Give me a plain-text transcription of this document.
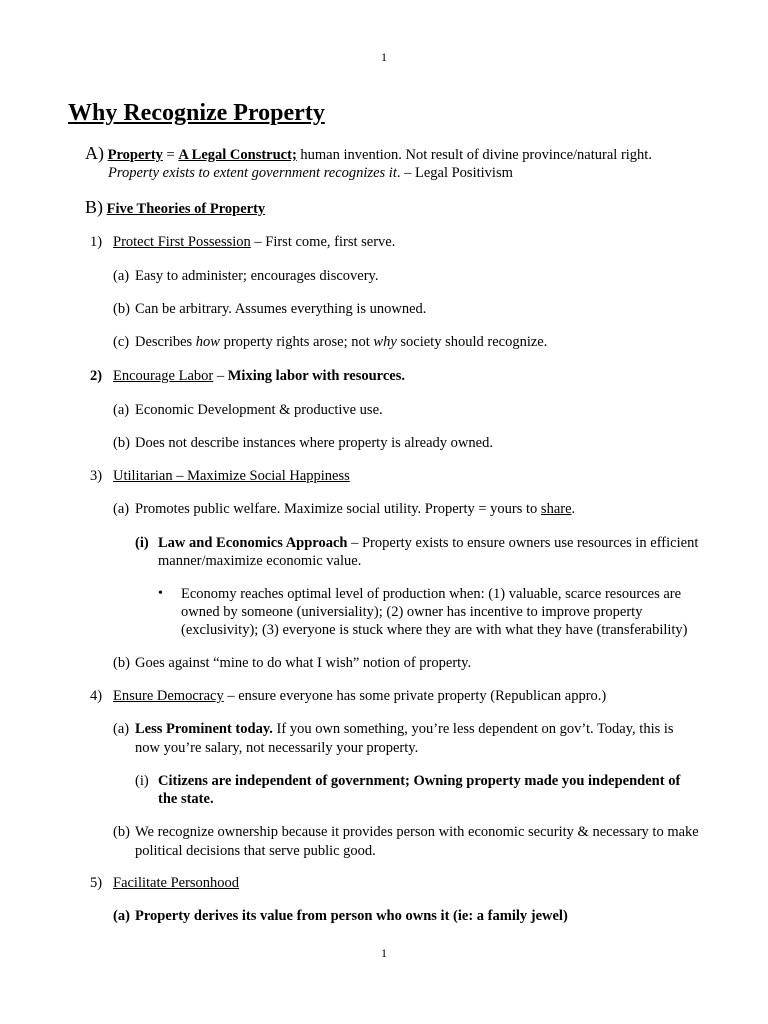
1
Why Recognize Property
A) Property = A Legal Construct; human invention. Not result of divine province/natural right.
Property exists to extent government recognizes it. – Legal Positivism
B) Five Theories of Property
1) Protect First Possession – First come, first serve.
(a) Easy to administer; encourages discovery.
(b) Can be arbitrary. Assumes everything is unowned.
(c) Describes how property rights arose; not why society should recognize.
2) Encourage Labor – Mixing labor with resources.
(a) Economic Development & productive use.
(b) Does not describe instances where property is already owned.
3) Utilitarian – Maximize Social Happiness
(a) Promotes public welfare. Maximize social utility. Property = yours to share.
(i) Law and Economics Approach – Property exists to ensure owners use resources in efficient
manner/maximize economic value.
• Economy reaches optimal level of production when: (1) valuable, scarce resources are
owned by someone (universiality); (2) owner has incentive to improve property
(exclusivity); (3) everyone is stuck where they are with what they have (transferability)
(b) Goes against “mine to do what I wish” notion of property.
4) Ensure Democracy – ensure everyone has some private property (Republican appro.)
(a) Less Prominent today. If you own something, you’re less dependent on gov’t. Today, this is
now you’re salary, not necessarily your property.
(i) Citizens are independent of government; Owning property made you independent of
the state.
(b) We recognize ownership because it provides person with economic security & necessary to make
political decisions that serve public good.
5) Facilitate Personhood
(a) Property derives its value from person who owns it (ie: a family jewel)
1
